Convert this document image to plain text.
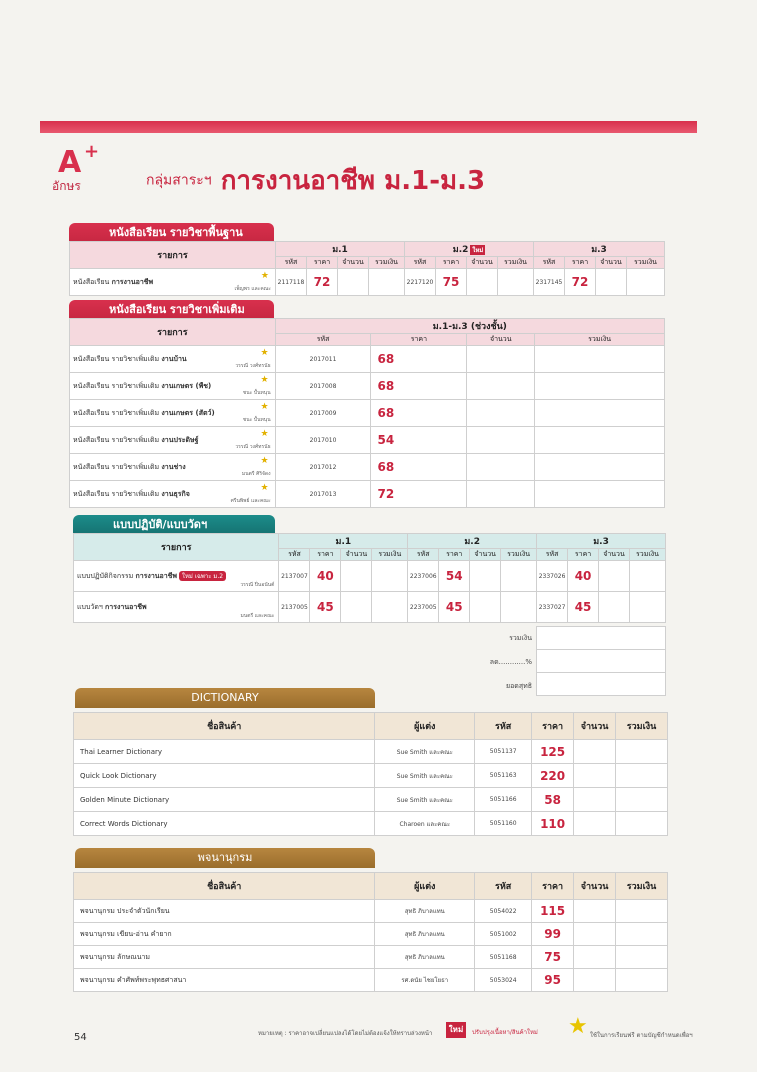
A +
อักษร	กลุ่มสาระฯ การงานอาชีพ ม.1-ม.3
หนังสือเรียน รายวิชาพื้นฐาน
รายการ	ม.1				ม.2 ใหม่				ม.3			
	รหัส	ราคา	จำนวน	รวมเงิน	รหัส	ราคา	จำนวน	รวมเงิน	รหัส	ราคา	จำนวน	รวมเงิน
หนังสือเรียน การงานอาชีพ
★
เพ็ญพร และคณะ	2117118	72			2217120	75			2317145	72		
หนังสือเรียน รายวิชาเพิ่มเติม
รายการ	ม.1-ม.3 (ช่วงชั้น)			
	รหัส	ราคา	จำนวน	รวมเงิน
หนังสือเรียน รายวิชาเพิ่มเติม งานบ้าน
★
วรรณี วงศ์ทรนัธ	2017011	68		
หนังสือเรียน รายวิชาเพิ่มเติม งานเกษตร (พืช)
★
ชนะ ปั้นทนุน	2017008	68		
หนังสือเรียน รายวิชาเพิ่มเติม งานเกษตร (สัตว์)
★
ชนะ ปั้นทนุน	2017009	68		
หนังสือเรียน รายวิชาเพิ่มเติม งานประดิษฐ์
★
วรรณี วงศ์ทรนัธ	2017010	54		
หนังสือเรียน รายวิชาเพิ่มเติม งานช่าง
★
มนตรี ศิริจัดง	2017012	68		
หนังสือเรียน รายวิชาเพิ่มเติม งานธุรกิจ
★
ศรีนพิพย์ และคณะ	2017013	72		
แบบปฏิบัติ/แบบวัดฯ
รายการ	ม.1				ม.2				ม.3			
	รหัส	ราคา	จำนวน	รวมเงิน	รหัส	ราคา	จำนวน	รวมเงิน	รหัส	ราคา	จำนวน	รวมเงิน
แบบปฏิบัติกิจกรรม การงานอาชีพ ใหม่ เฉพาะ ม.2
วรรณี ปิ่นอนันต์	2137007	40			2237006	54			2337026	40		
แบบวัดฯ การงานอาชีพ
มนตรี และคณะ	2137005	45			2237005	45			2337027	45		
รวมเงิน
ลด............%
ยอดสุทธิ

DICTIONARY
ชื่อสินค้า	ผู้แต่ง	รหัส	ราคา	จำนวน	รวมเงิน
Thai Learner Dictionary	Sue Smith และคณะ	5051137	125		
Quick Look Dictionary	Sue Smith และคณะ	5051163	220		
Golden Minute Dictionary	Sue Smith และคณะ	5051166	58		
Correct Words Dictionary	Charoen และคณะ	5051160	110		
พจนานุกรม
ชื่อสินค้า	ผู้แต่ง	รหัส	ราคา	จำนวน	รวมเงิน
พจนานุกรม ประจำตัวนักเรียน	สุทธิ ภิบาลแทน	5054022	115		
พจนานุกรม เขียน-อ่าน คำยาก	สุทธิ ภิบาลแทน	5051002	99		
พจนานุกรม ลักษณนาม	สุทธิ ภิบาลแทน	5051168	75		
พจนานุกรม คำศัพท์พระพุทธศาสนา	รศ.ดนัย ไชยโยธา	5053024	95		
54	หมายเหตุ : ราคาอาจเปลี่ยนแปลงได้โดยไม่ต้องแจ้งให้ทราบล่วงหน้า	ใหม่	ปรับปรุงเนื้อหา/สินค้าใหม่ ★ ใช้ในการเรียนฟรี ตามบัญชีกำหนดเพื่อฯ
